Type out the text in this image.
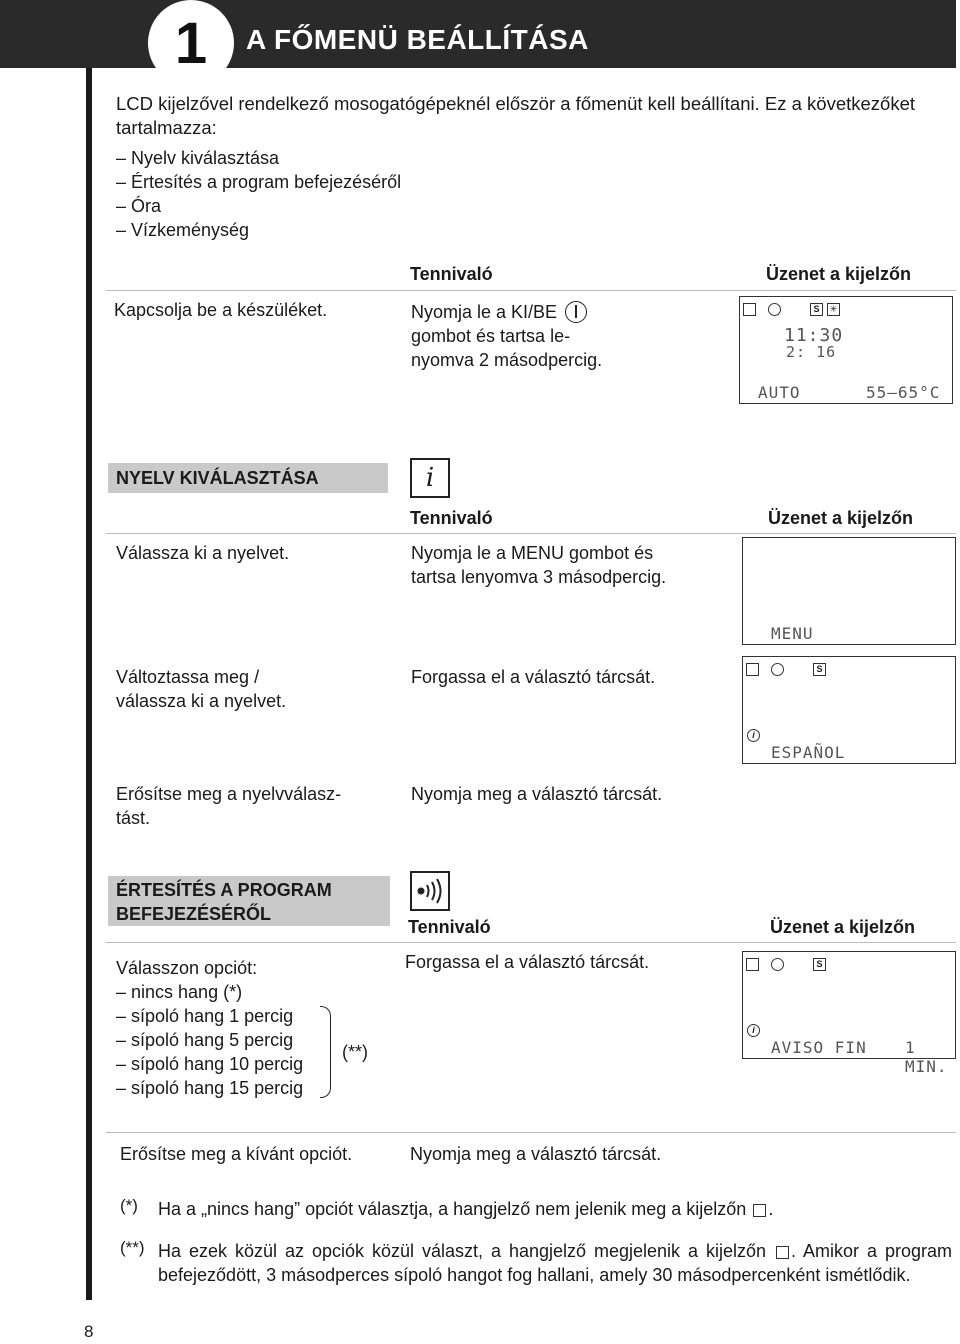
1	A FŐMENÜ BEÁLLÍTÁSA
LCD kijelzővel rendelkező mosogatógépeknél először a főmenüt kell beállítani. Ez a következőket tartalmazza:
– Nyelv kiválasztása
– Értesítés a program befejezéséről
– Óra
– Vízkeménység
Tennivaló	Üzenet a kijelzőn
Kapcsolja be a készüléket.	Nyomja le a KI/BE
gombot és tartsa le-
nyomva 2 másodpercig.
S	✳
11:30
2: 16
AUTO	55–65°C
NYELV KIVÁLASZTÁSA	i
Tennivaló	Üzenet a kijelzőn
Válassza ki a nyelvet.	Nyomja le a MENU gombot és tartsa lenyomva 3 másodpercig.
MENU
Változtassa meg /
válassza ki a nyelvet.
Forgassa el a választó tárcsát.	S
i
ESPAÑOL
Erősítse meg a nyelvválasz-
tást.
Nyomja meg a választó tárcsát.
ÉRTESÍTÉS A PROGRAM
BEFEJEZÉSÉRŐL
Tennivaló	Üzenet a kijelzőn
Válasszon opciót:
– nincs hang (*)
– sípoló hang 1 percig
– sípoló hang 5 percig
– sípoló hang 10 percig
– sípoló hang 15 percig
(**)
Forgassa el a választó tárcsát.	S
i
AVISO FIN 1 MIN.
Erősítse meg a kívánt opciót.	Nyomja meg a választó tárcsát.
(*) Ha a „nincs hang” opciót választja, a hangjelző nem jelenik meg a kijelzőn .
(**) Ha ezek közül az opciók közül választ, a hangjelző megjelenik a kijelzőn . Amikor a program befejeződött, 3 másodperces sípoló hangot fog hallani, amely 30 másodpercenként ismétlődik.
8
